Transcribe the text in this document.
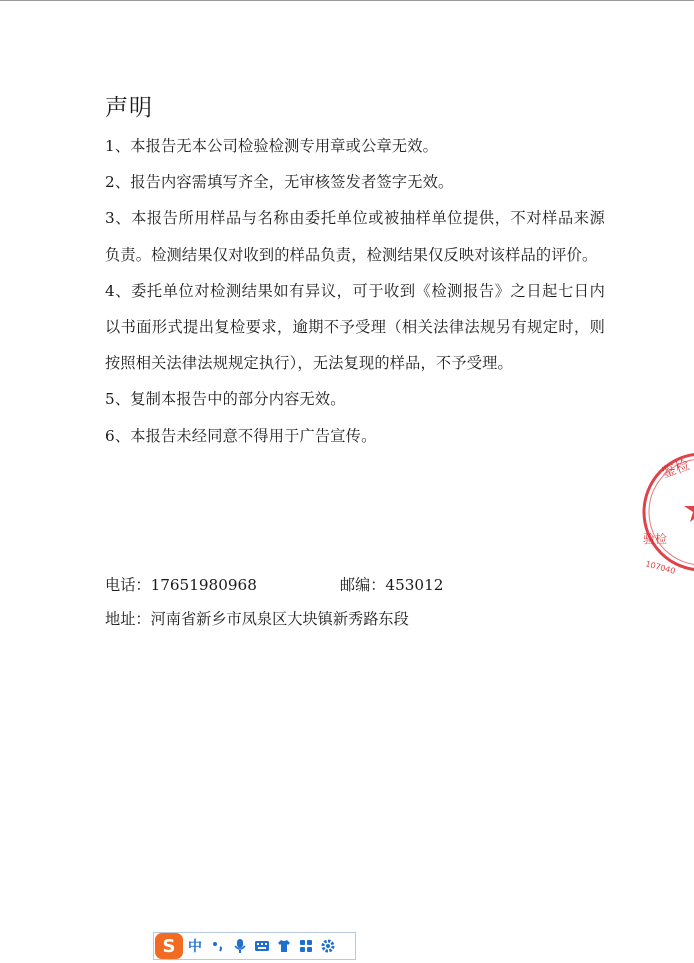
声明

1、本报告无本公司检验检测专用章或公章无效。

2、报告内容需填写齐全，无审核签发者签字无效。

3、本报告所用样品与名称由委托单位或被抽样单位提供，不对样品来源负责。检测结果仅对收到的样品负责，检测结果仅反映对该样品的评价。

4、委托单位对检测结果如有异议，可于收到《检测报告》之日起七日内以书面形式提出复检要求，逾期不予受理（相关法律法规另有规定时，则按照相关法律法规规定执行），无法复现的样品，不予受理。

5、复制本报告中的部分内容无效。

6、本报告未经同意不得用于广告宣传。

电话：17651980968	邮编：453012
地址：河南省新乡市凤泉区大块镇新秀路东段
鉴检
验检
107040
S 中
